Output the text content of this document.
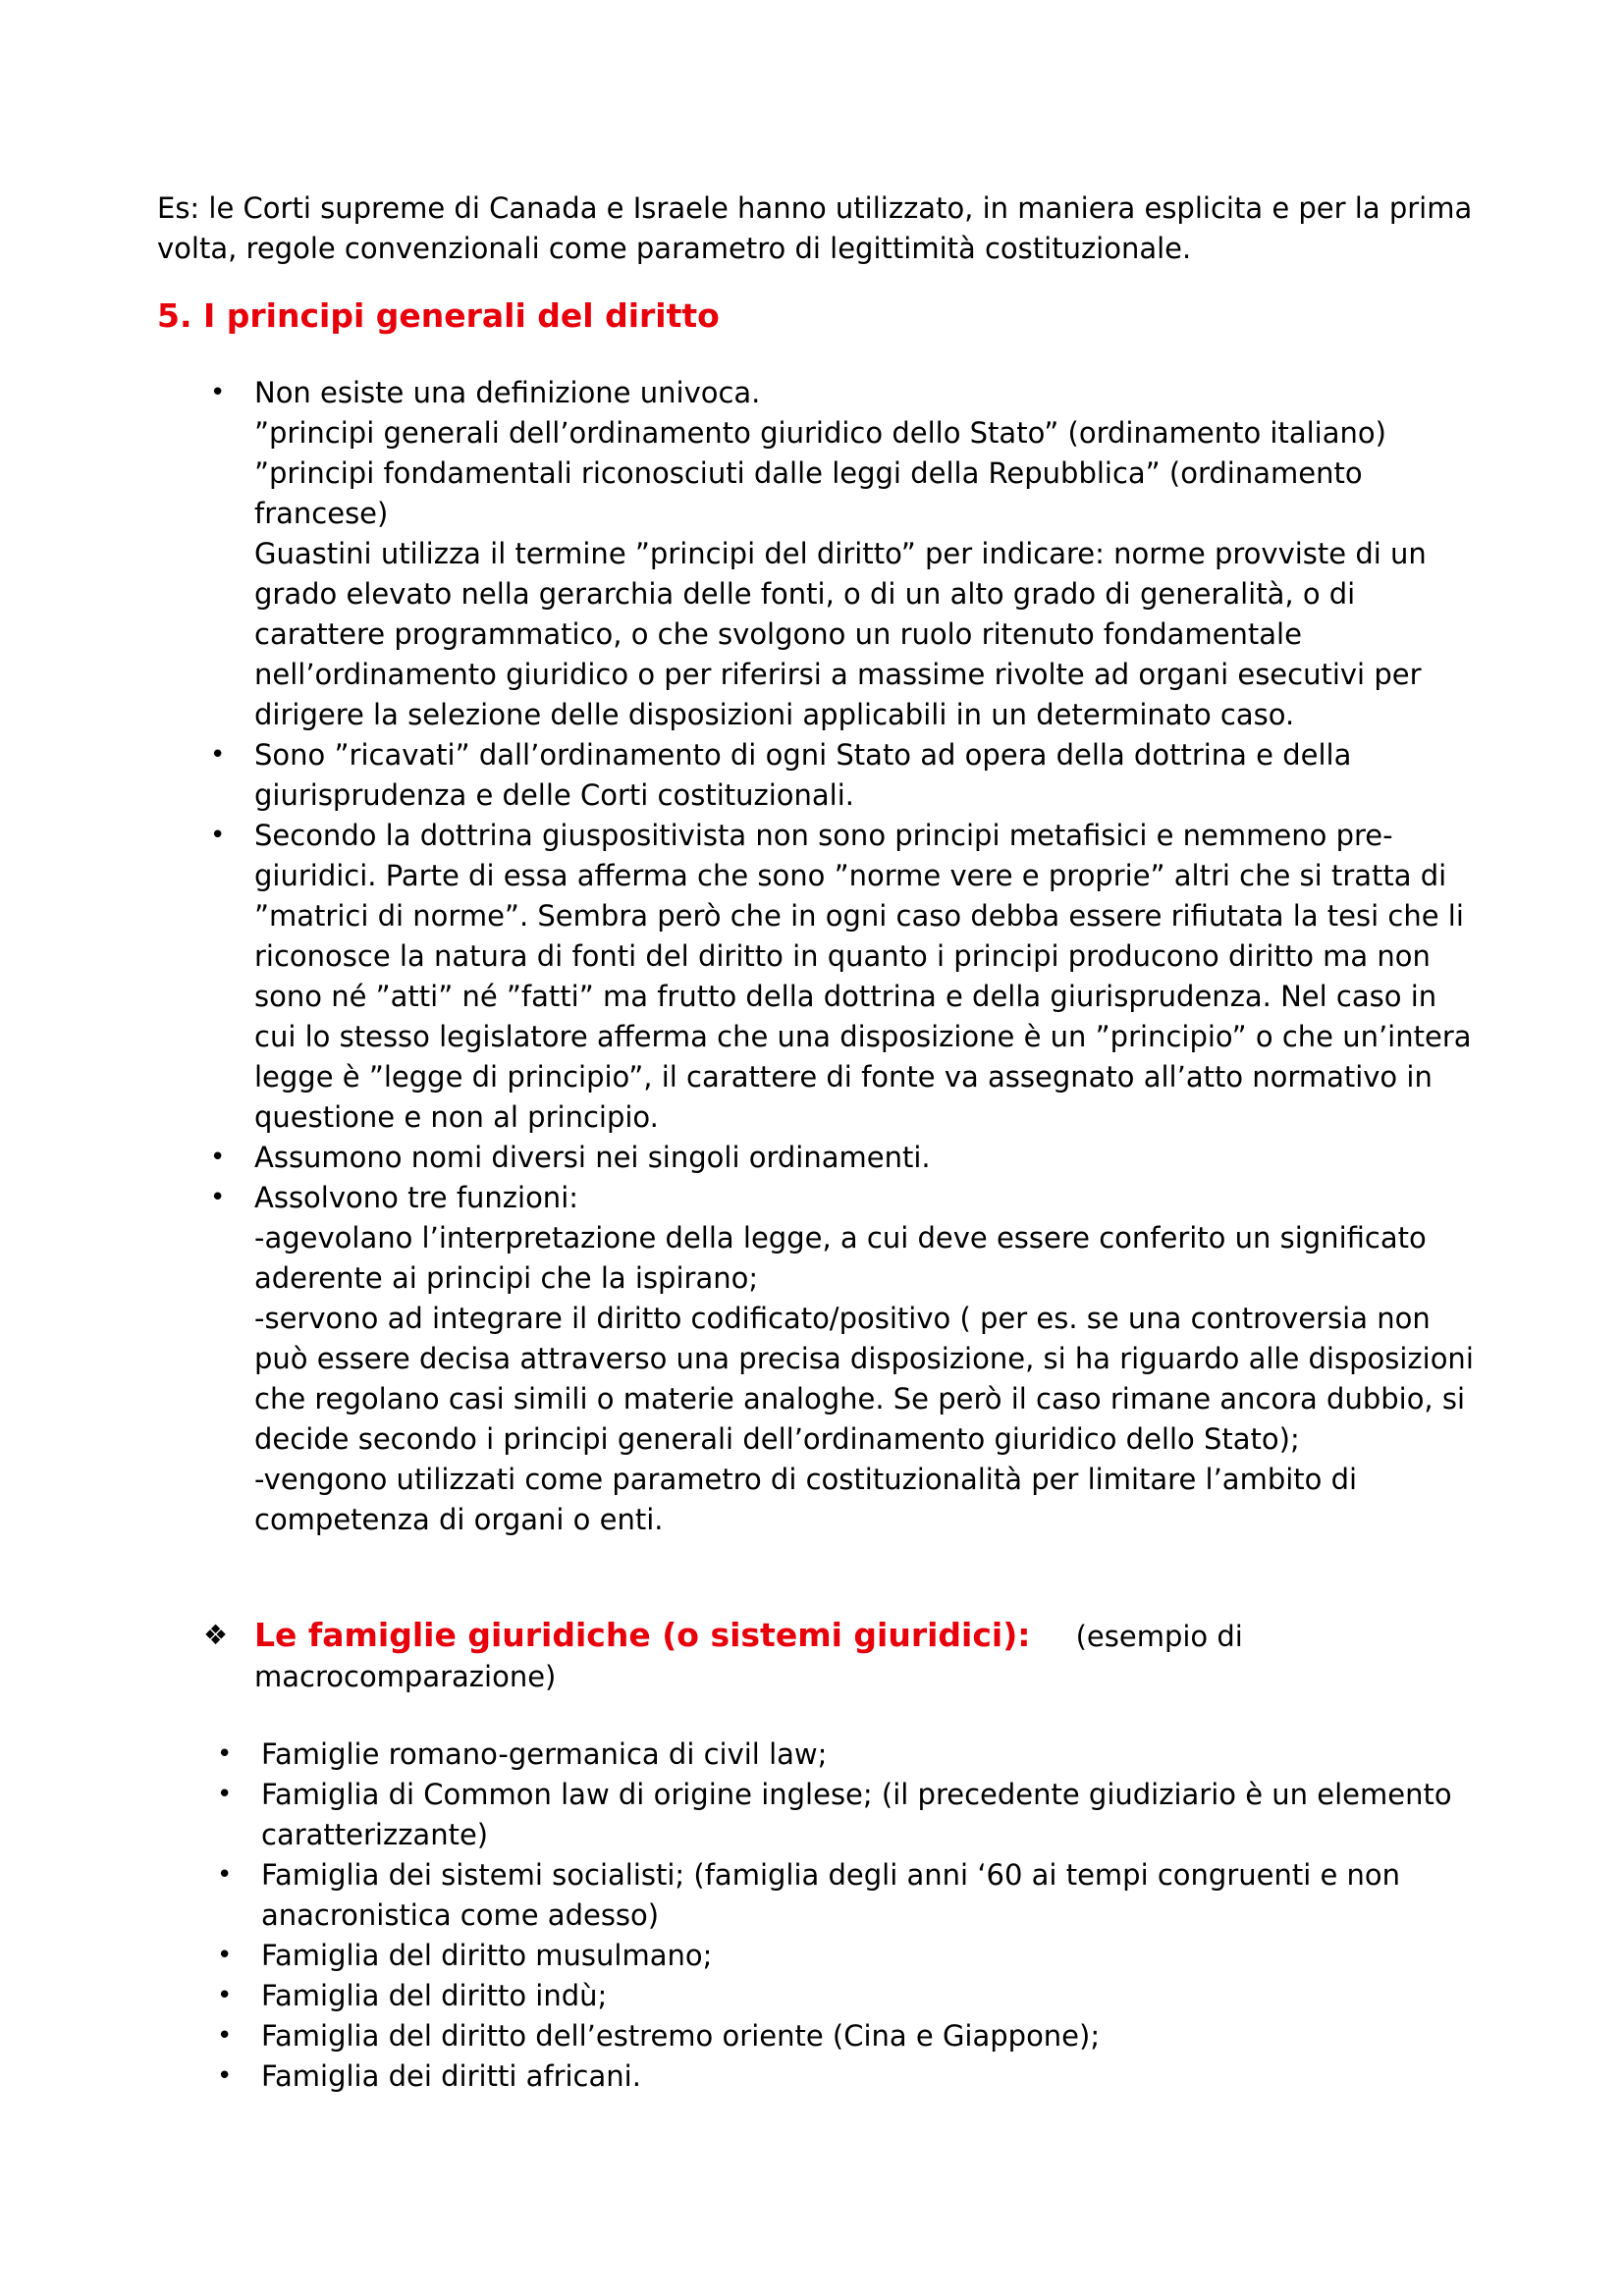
Es: le Corti supreme di Canada e Israele hanno utilizzato, in maniera esplicita e per la prima volta, regole convenzionali come parametro di legittimità costituzionale.

5. I principi generali del diritto
• Non esiste una definizione univoca.
”principi generali dell’ordinamento giuridico dello Stato” (ordinamento italiano)
”principi fondamentali riconosciuti dalle leggi della Repubblica” (ordinamento francese)
Guastini utilizza il termine ”principi del diritto” per indicare: norme provviste di un grado elevato nella gerarchia delle fonti, o di un alto grado di generalità, o di carattere programmatico, o che svolgono un ruolo ritenuto fondamentale nell’ordinamento giuridico o per riferirsi a massime rivolte ad organi esecutivi per dirigere la selezione delle disposizioni applicabili in un determinato caso.
• Sono ”ricavati” dall’ordinamento di ogni Stato ad opera della dottrina e della giurisprudenza e delle Corti costituzionali.
• Secondo la dottrina giuspositivista non sono principi metafisici e nemmeno pre-giuridici. Parte di essa afferma che sono ”norme vere e proprie” altri che si tratta di ”matrici di norme”. Sembra però che in ogni caso debba essere rifiutata la tesi che li riconosce la natura di fonti del diritto in quanto i principi producono diritto ma non sono né ”atti” né ”fatti” ma frutto della dottrina e della giurisprudenza. Nel caso in cui lo stesso legislatore afferma che una disposizione è un ”principio” o che un’intera legge è ”legge di principio”, il carattere di fonte va assegnato all’atto normativo in questione e non al principio.
• Assumono nomi diversi nei singoli ordinamenti.
• Assolvono tre funzioni:
-agevolano l’interpretazione della legge, a cui deve essere conferito un significato aderente ai principi che la ispirano;
-servono ad integrare il diritto codificato/positivo ( per es. se una controversia non può essere decisa attraverso una precisa disposizione, si ha riguardo alle disposizioni che regolano casi simili o materie analoghe. Se però il caso rimane ancora dubbio, si decide secondo i principi generali dell’ordinamento giuridico dello Stato);
-vengono utilizzati come parametro di costituzionalità per limitare l’ambito di competenza di organi o enti.
❖ Le famiglie giuridiche (o sistemi giuridici): (esempio di macrocomparazione)
• Famiglie romano-germanica di civil law;
• Famiglia di Common law di origine inglese; (il precedente giudiziario è un elemento caratterizzante)
• Famiglia dei sistemi socialisti; (famiglia degli anni ‘60 ai tempi congruenti e non anacronistica come adesso)
• Famiglia del diritto musulmano;
• Famiglia del diritto indù;
• Famiglia del diritto dell’estremo oriente (Cina e Giappone);
• Famiglia dei diritti africani.
